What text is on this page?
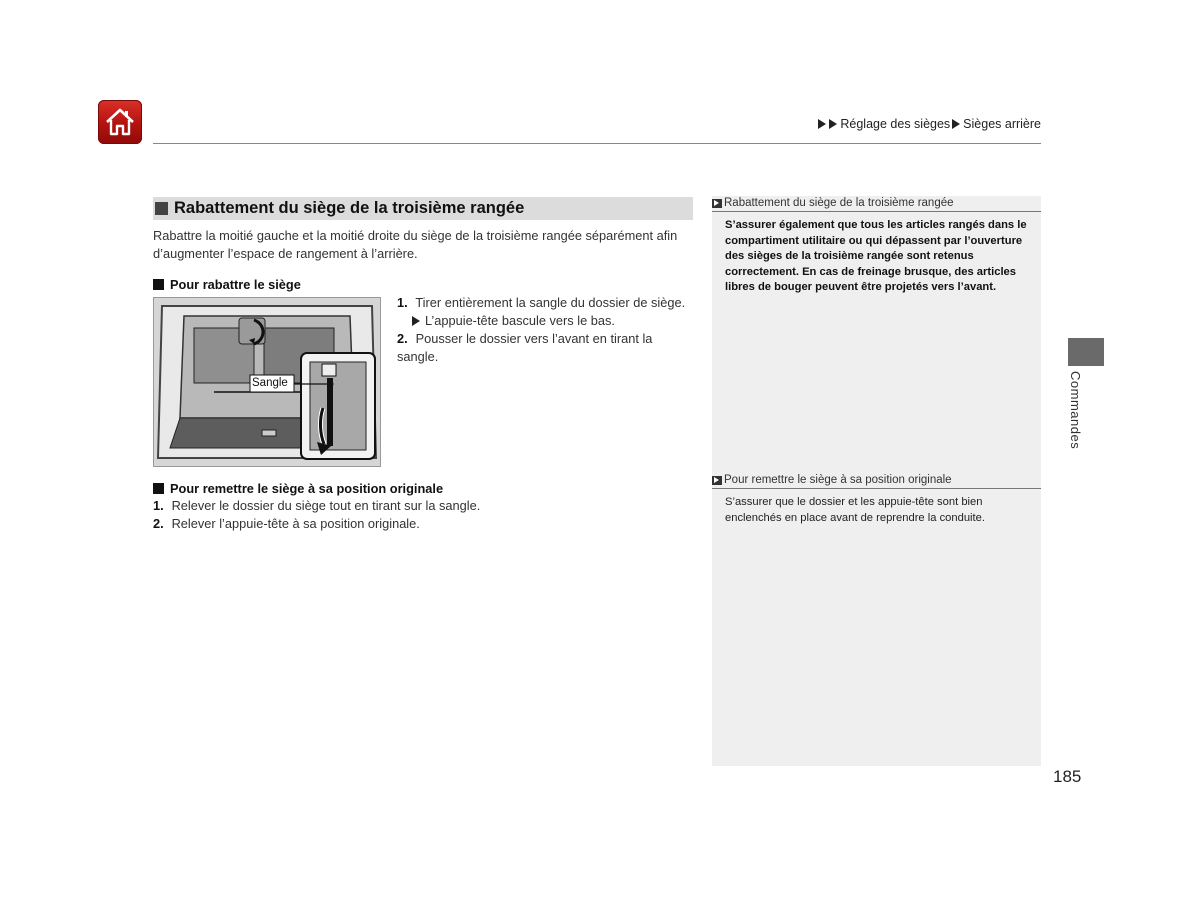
Réglage des sièges Sièges arrière
Rabattement du siège de la troisième rangée
Rabattre la moitié gauche et la moitié droite du siège de la troisième rangée séparément afin d’augmenter l’espace de rangement à l’arrière.
Pour rabattre le siège
Sangle
1. Tirer entièrement la sangle du dossier de siège.
L’appuie-tête bascule vers le bas.
2. Pousser le dossier vers l’avant en tirant la sangle.
Pour remettre le siège à sa position originale
1. Relever le dossier du siège tout en tirant sur la sangle.
2. Relever l’appuie-tête à sa position originale.
Rabattement du siège de la troisième rangée
S’assurer également que tous les articles rangés dans le compartiment utilitaire ou qui dépassent par l’ouverture des sièges de la troisième rangée sont retenus correctement. En cas de freinage brusque, des articles libres de bouger peuvent être projetés vers l’avant.
Pour remettre le siège à sa position originale
S’assurer que le dossier et les appuie-tête sont bien enclenchés en place avant de reprendre la conduite.
Commandes
185
